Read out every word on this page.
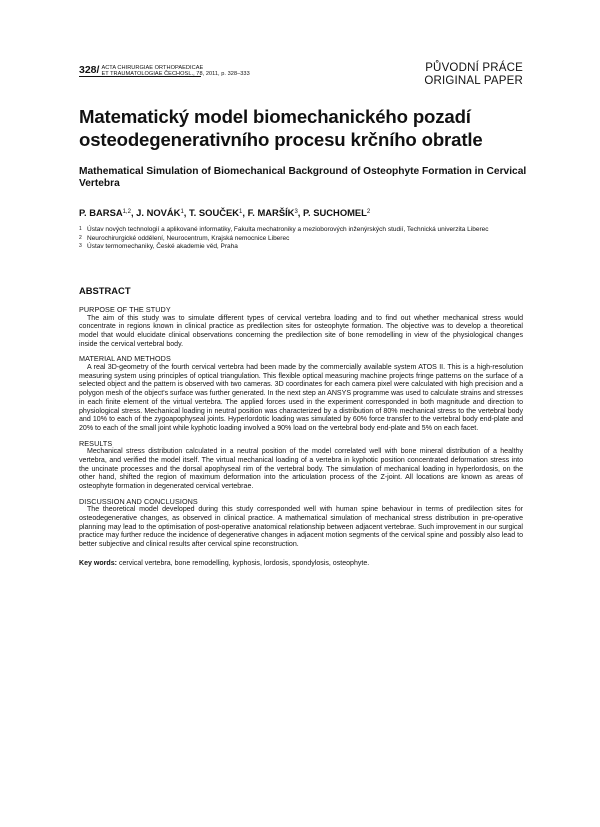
328/ ACTA CHIRURGIAE ORTHOPAEDICAE
ET TRAUMATOLOGIAE ČECHOSL., 78, 2011, p. 328–333
PŮVODNÍ PRÁCE
ORIGINAL PAPER
Matematický model biomechanického pozadí osteodegenerativního procesu krčního obratle
Mathematical Simulation of Biomechanical Background of Osteophyte Formation in Cervical Vertebra
P. BARSA$^{1,2}$, J. NOVÁK$^1$, T. SOUČEK$^1$, F. MARŠÍK$^3$, P. SUCHOMEL$^2$
1 Ústav nových technologií a aplikované informatiky, Fakulta mechatroniky a mezioborových inženýrských studií, Technická univerzita Liberec
2 Neurochirurgické oddělení, Neurocentrum, Krajská nemocnice Liberec
3 Ústav termomechaniky, České akademie věd, Praha
ABSTRACT
PURPOSE OF THE STUDY

The aim of this study was to simulate different types of cervical vertebra loading and to find out whether mechanical stress would concentrate in regions known in clinical practice as predilection sites for osteophyte formation. The objective was to develop a theoretical model that would elucidate clinical observations concerning the predilection site of bone remodelling in view of the physiological changes inside the cervical vertebral body.

MATERIAL AND METHODS

A real 3D-geometry of the fourth cervical vertebra had been made by the commercially available system ATOS II. This is a high-resolution measuring system using principles of optical triangulation. This flexible optical measuring machine projects fringe patterns on the surface of a selected object and the pattern is observed with two cameras. 3D coordinates for each camera pixel were calculated with high precision and a polygon mesh of the object's surface was further generated. In the next step an ANSYS programme was used to calculate strains and stresses in each finite element of the virtual vertebra. The applied forces used in the experiment corresponded in both magnitude and direction to physiological stress. Mechanical loading in neutral position was characterized by a distribution of 80% mechanical stress to the vertebral body and 10% to each of the zygoapophyseal joints. Hyperlordotic loading was simulated by 60% force transfer to the vertebral body end-plate and 20% to each of the small joint while kyphotic loading involved a 90% load on the vertebral body end-plate and 5% on each facet.

RESULTS

Mechanical stress distribution calculated in a neutral position of the model correlated well with bone mineral distribution of a healthy vertebra, and verified the model itself. The virtual mechanical loading of a vertebra in kyphotic position concentrated deformation stress into the uncinate processes and the dorsal apophyseal rim of the vertebral body. The simulation of mechanical loading in hyperlordosis, on the other hand, shifted the region of maximum deformation into the articulation process of the Z-joint. All locations are known as areas of osteophyte formation in degenerated cervical vertebrae.

DISCUSSION AND CONCLUSIONS

The theoretical model developed during this study corresponded well with human spine behaviour in terms of predilection sites for osteodegenerative changes, as observed in clinical practice. A mathematical simulation of mechanical stress distribution in pre-operative planning may lead to the optimisation of post-operative anatomical relationship between adjacent vertebrae. Such improvement in our surgical practice may further reduce the incidence of degenerative changes in adjacent motion segments of the cervical spine and possibly also lead to better subjective and clinical results after cervical spine reconstruction.

Key words: cervical vertebra, bone remodelling, kyphosis, lordosis, spondylosis, osteophyte.
